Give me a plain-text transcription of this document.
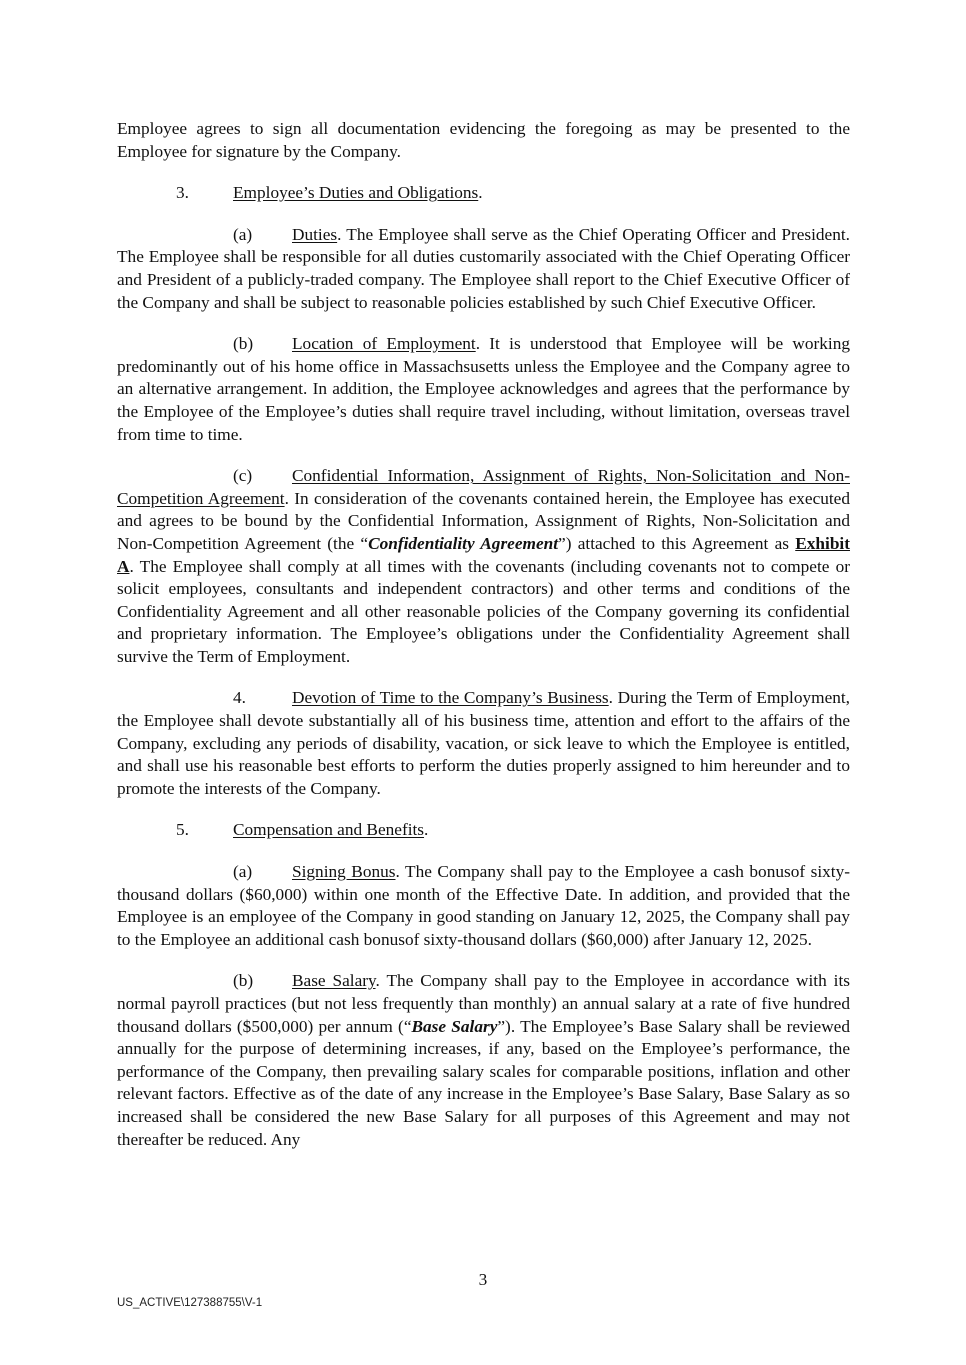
Employee agrees to sign all documentation evidencing the foregoing as may be presented to the Employee for signature by the Company.

3.	Employee’s Duties and Obligations.

(a) Duties. The Employee shall serve as the Chief Operating Officer and President. The Employee shall be responsible for all duties customarily associated with the Chief Operating Officer and President of a publicly-traded company. The Employee shall report to the Chief Executive Officer of the Company and shall be subject to reasonable policies established by such Chief Executive Officer.

(b) Location of Employment. It is understood that Employee will be working predominantly out of his home office in Massachsusetts unless the Employee and the Company agree to an alternative arrangement. In addition, the Employee acknowledges and agrees that the performance by the Employee of the Employee’s duties shall require travel including, without limitation, overseas travel from time to time.

(c) Confidential Information, Assignment of Rights, Non-Solicitation and Non-Competition Agreement. In consideration of the covenants contained herein, the Employee has executed and agrees to be bound by the Confidential Information, Assignment of Rights, Non-Solicitation and Non-Competition Agreement (the “Confidentiality Agreement”) attached to this Agreement as Exhibit A. The Employee shall comply at all times with the covenants (including covenants not to compete or solicit employees, consultants and independent contractors) and other terms and conditions of the Confidentiality Agreement and all other reasonable policies of the Company governing its confidential and proprietary information. The Employee’s obligations under the Confidentiality Agreement shall survive the Term of Employment.

4.	Devotion of Time to the Company’s Business. During the Term of Employment, the Employee shall devote substantially all of his business time, attention and effort to the affairs of the Company, excluding any periods of disability, vacation, or sick leave to which the Employee is entitled, and shall use his reasonable best efforts to perform the duties properly assigned to him hereunder and to promote the interests of the Company.

5.	Compensation and Benefits.

(a) Signing Bonus. The Company shall pay to the Employee a cash bonusof sixty-thousand dollars ($60,000) within one month of the Effective Date. In addition, and provided that the Employee is an employee of the Company in good standing on January 12, 2025, the Company shall pay to the Employee an additional cash bonusof sixty-thousand dollars ($60,000) after January 12, 2025.

(b) Base Salary. The Company shall pay to the Employee in accordance with its normal payroll practices (but not less frequently than monthly) an annual salary at a rate of five hundred thousand dollars ($500,000) per annum (“Base Salary”). The Employee’s Base Salary shall be reviewed annually for the purpose of determining increases, if any, based on the Employee’s performance, the performance of the Company, then prevailing salary scales for comparable positions, inflation and other relevant factors. Effective as of the date of any increase in the Employee’s Base Salary, Base Salary as so increased shall be considered the new Base Salary for all purposes of this Agreement and may not thereafter be reduced. Any

3
US_ACTIVE\127388755\V-1
